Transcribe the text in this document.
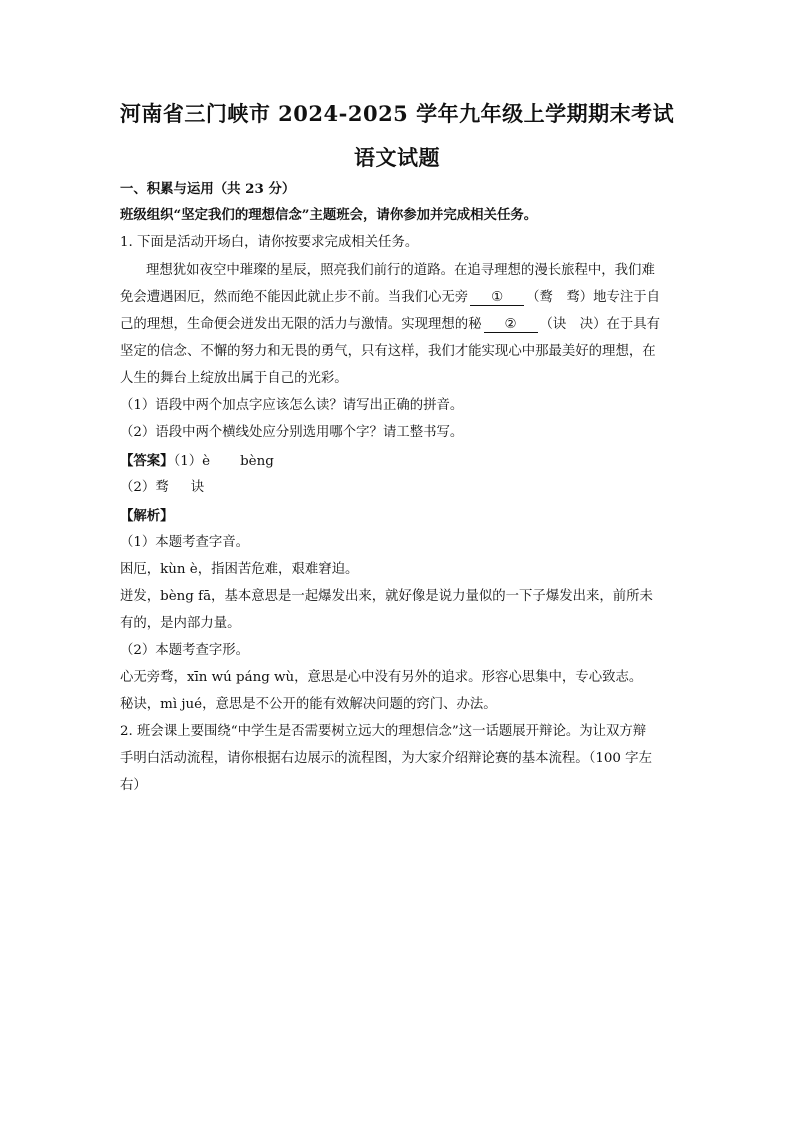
河南省三门峡市 2024-2025 学年九年级上学期期末考试
语文试题
一、积累与运用（共 23 分）
班级组织“坚定我们的理想信念”主题班会，请你参加并完成相关任务。
1. 下面是活动开场白，请你按要求完成相关任务。
理想犹如夜空中璀璨的星辰，照亮我们前行的道路。在追寻理想的漫长旅程中，我们难
免会遭遇困厄，然而绝不能因此就止步不前。当我们心无旁 ① （鹜　骛）地专注于自
己的理想，生命便会迸发出无限的活力与激情。实现理想的秘 ② （诀　决）在于具有
坚定的信念、不懈的努力和无畏的勇气，只有这样，我们才能实现心中那最美好的理想，在
人生的舞台上绽放出属于自己的光彩。
（1）语段中两个加点字应该怎么读？请写出正确的拼音。
（2）语段中两个横线处应分别选用哪个字？请工整书写。
【答案】（1）è bèng
（2）骛 诀
【解析】
（1）本题考查字音。
困厄，kùn è，指困苦危难，艰难窘迫。
迸发，bèng fā，基本意思是一起爆发出来，就好像是说力量似的一下子爆发出来，前所未
有的，是内部力量。
（2）本题考查字形。
心无旁骛，xīn wú páng wù，意思是心中没有另外的追求。形容心思集中，专心致志。
秘诀，mì jué，意思是不公开的能有效解决问题的窍门、办法。
2. 班会课上要围绕“中学生是否需要树立远大的理想信念”这一话题展开辩论。为让双方辩
手明白活动流程，请你根据右边展示的流程图，为大家介绍辩论赛的基本流程。（100 字左
右）
